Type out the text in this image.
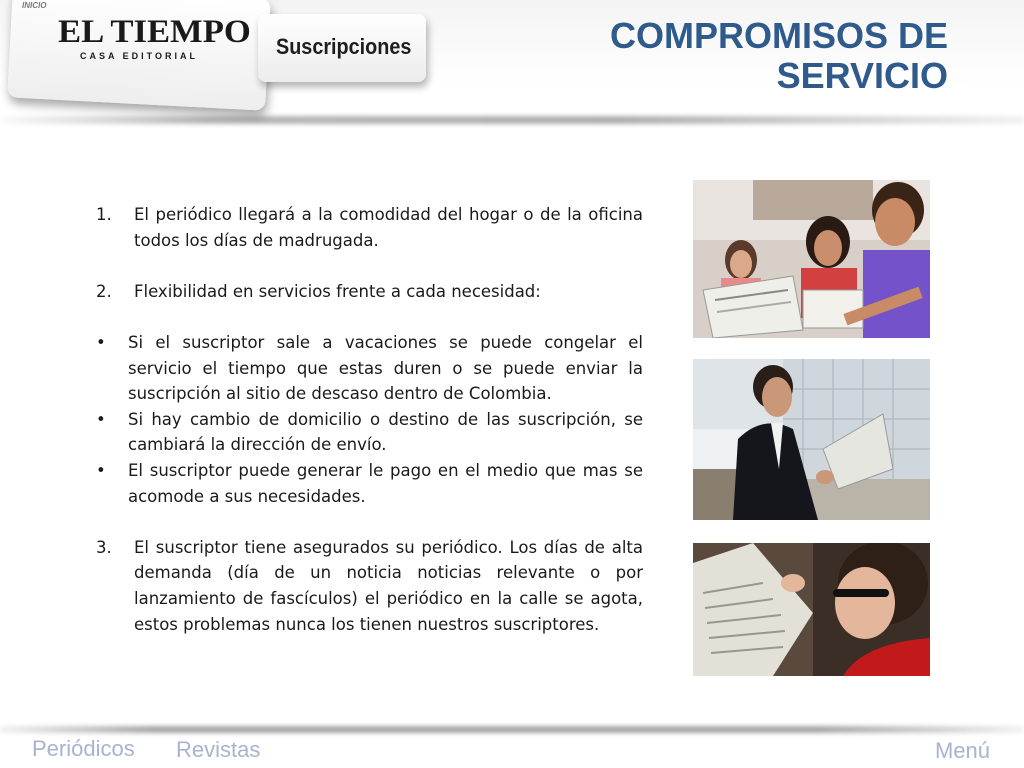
INICIO
EL TIEMPO
CASA EDITORIAL	Suscripciones	COMPROMISOS DE
SERVICIO
1. El periódico llegará a la comodidad del hogar o de la oficina todos los días de madrugada.
2. Flexibilidad en servicios frente a cada necesidad:
• Si el suscriptor sale a vacaciones se puede congelar el servicio el tiempo que estas duren o se puede enviar la suscripción al sitio de descaso dentro de Colombia.
• Si hay cambio de domicilio o destino de las suscripción, se cambiará la dirección de envío.
• El suscriptor puede generar le pago en el medio que mas se acomode a sus necesidades.
3. El suscriptor tiene asegurados su periódico. Los días de alta demanda (día de un noticia noticias relevante o por lanzamiento de fascículos) el periódico en la calle se agota, estos problemas nunca los tienen nuestros suscriptores.
Periódicos Revistas	Menú
